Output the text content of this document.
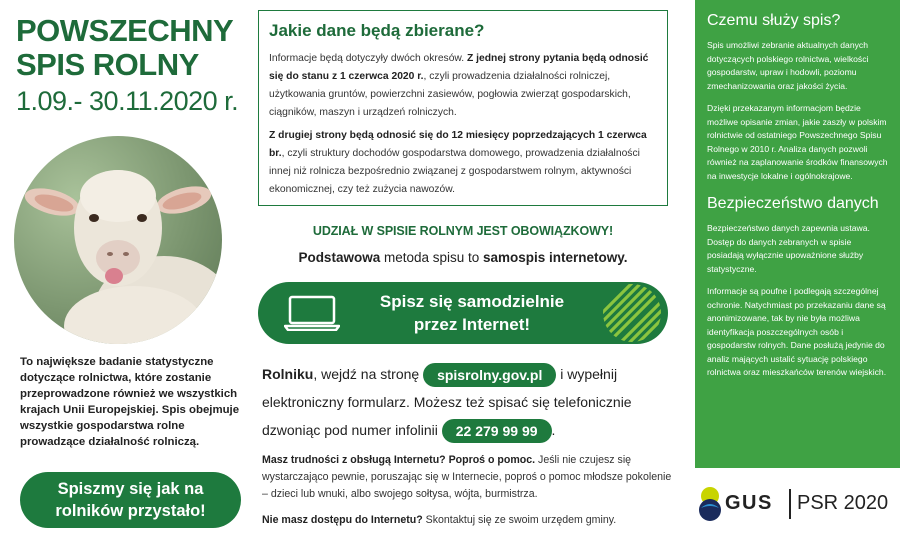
POWSZECHNY
SPIS ROLNY
1.09.- 30.11.2020 r.
To największe badanie statystyczne dotyczące rolnictwa, które zostanie przeprowadzone również we wszystkich krajach Unii Europejskiej. Spis obejmuje wszystkie gospodarstwa rolne prowadzące działalność rolniczą.
Spiszmy się jak na rolników przystało!
Jakie dane będą zbierane?

Informacje będą dotyczyły dwóch okresów. Z jednej strony pytania będą odnosić się do stanu z 1 czerwca 2020 r., czyli prowadzenia działalności rolniczej, użytkowania gruntów, powierzchni zasiewów, pogłowia zwierząt gospodarskich, ciągników, maszyn i urządzeń rolniczych.

Z drugiej strony będą odnosić się do 12 miesięcy poprzedzających 1 czerwca br., czyli struktury dochodów gospodarstwa domowego, prowadzenia działalności innej niż rolnicza bezpośrednio związanej z gospodarstwem rolnym, aktywności ekonomicznej, czy też zużycia nawozów.

UDZIAŁ W SPISIE ROLNYM JEST OBOWIĄZKOWY!
Podstawowa metoda spisu to samospis internetowy.
Spisz się samodzielnie
przez Internet!
Rolniku, wejdź na stronę spisrolny.gov.pl i wypełnij elektroniczny formularz. Możesz też spisać się telefonicznie dzwoniąc pod numer infolinii 22 279 99 99 .
Masz trudności z obsługą Internetu? Poproś o pomoc. Jeśli nie czujesz się wystarczająco pewnie, poruszając się w Internecie, poproś o pomoc młodsze pokolenie – dzieci lub wnuki, albo swojego sołtysa, wójta, burmistrza.
Nie masz dostępu do Internetu? Skontaktuj się ze swoim urzędem gminy.
Czemu służy spis?

Spis umożliwi zebranie aktualnych danych dotyczących polskiego rolnictwa, wielkości gospodarstw, upraw i hodowli, poziomu zmechanizowania oraz jakości życia.

Dzięki przekazanym informacjom będzie możliwe opisanie zmian, jakie zaszły w polskim rolnictwie od ostatniego Powszechnego Spisu Rolnego w 2010 r. Analiza danych pozwoli również na zaplanowanie środków finansowych na inwestycje lokalne i ogólnokrajowe.

Bezpieczeństwo danych

Bezpieczeństwo danych zapewnia ustawa. Dostęp do danych zebranych w spisie posiadają wyłącznie upoważnione służby statystyczne.

Informacje są poufne i podlegają szczególnej ochronie. Natychmiast po przekazaniu dane są anonimizowane, tak by nie była możliwa identyfikacja poszczególnych osób i gospodarstw rolnych. Dane posłużą jedynie do analiz mających ustalić sytuację polskiego rolnictwa oraz mieszkańców terenów wiejskich.

GUS PSR 2020
